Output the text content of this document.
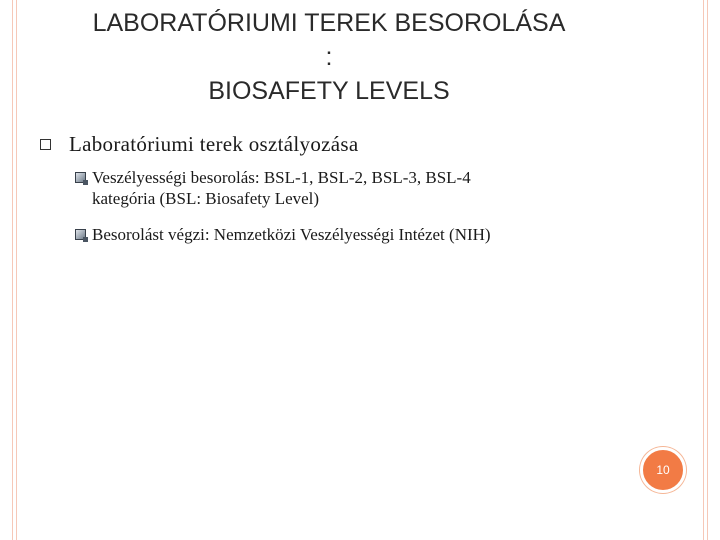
LABORATÓRIUMI TEREK BESOROLÁSA
:
BIOSAFETY LEVELS
Laboratóriumi terek osztályozása
Veszélyességi besorolás: BSL-1, BSL-2, BSL-3, BSL-4
kategória (BSL: Biosafety Level)
Besorolást végzi: Nemzetközi Veszélyességi Intézet (NIH)
10
